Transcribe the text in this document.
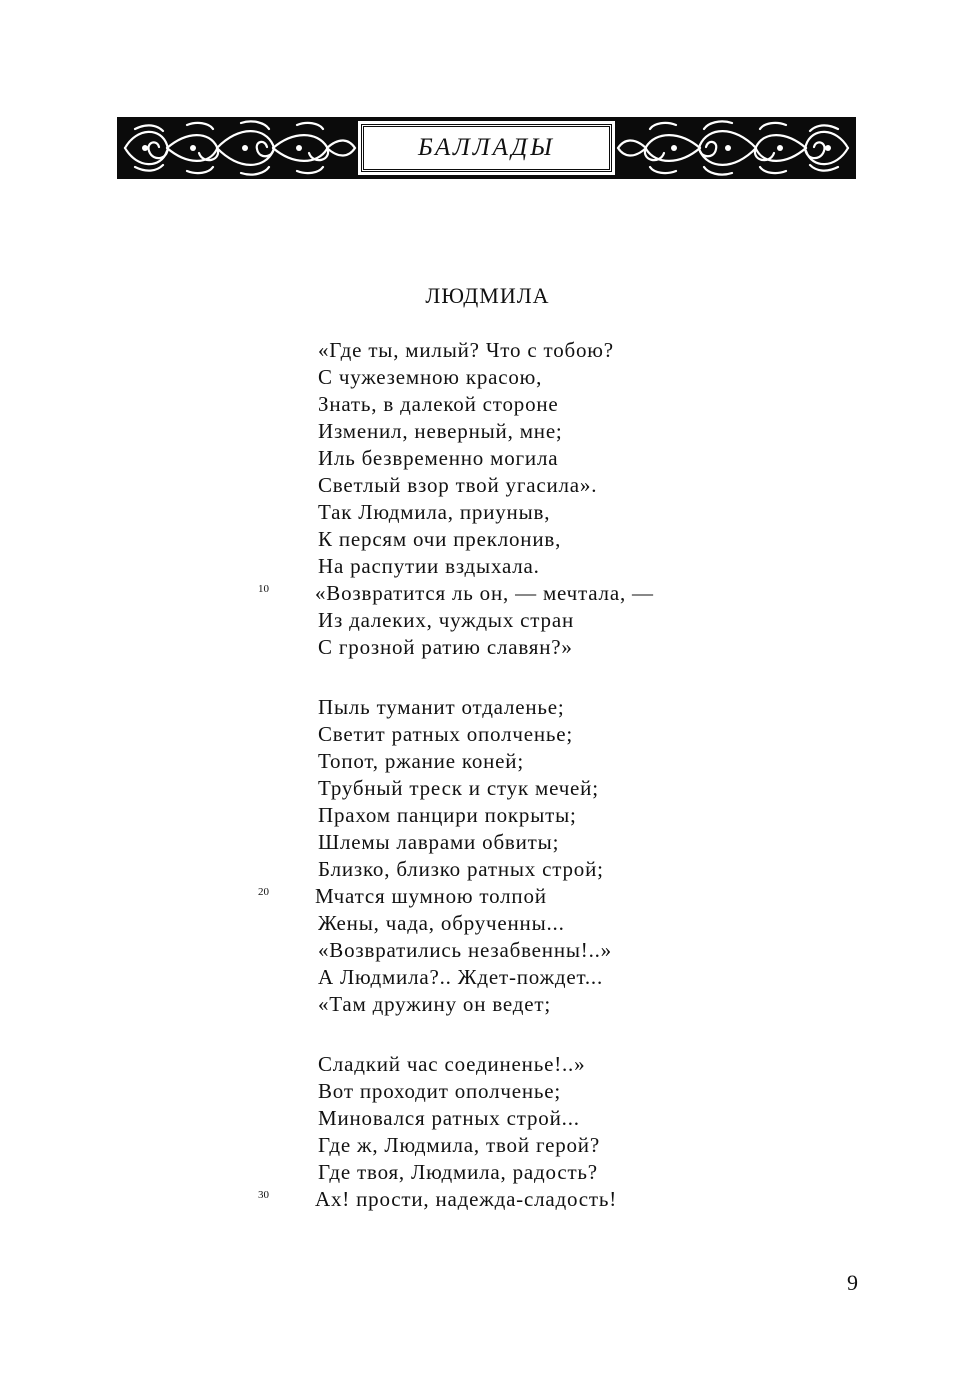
БАЛЛАДЫ
ЛЮДМИЛА
«Где ты, милый? Что с тобою?
С чужеземною красою,
Знать, в далекой стороне
Изменил, неверный, мне;
Иль безвременно могила
Светлый взор твой угасила».
Так Людмила, приуныв,
К персям очи преклонив,
На распутии вздыхала.
«Возвратится ль он, — мечтала, —
Из далеких, чуждых стран
С грозной ратию славян?»
Пыль туманит отдаленье;
Светит ратных ополченье;
Топот, ржание коней;
Трубный треск и стук мечей;
Прахом панцири покрыты;
Шлемы лаврами обвиты;
Близко, близко ратных строй;
Мчатся шумною толпой
Жены, чада, обрученны...
«Возвратились незабвенны!..»
А Людмила?.. Ждет-пождет...
«Там дружину он ведет;
Сладкий час соединенье!..»
Вот проходит ополченье;
Миновался ратных строй...
Где ж, Людмила, твой герой?
Где твоя, Людмила, радость?
Ах! прости, надежда-сладость!
10
20
30
9
